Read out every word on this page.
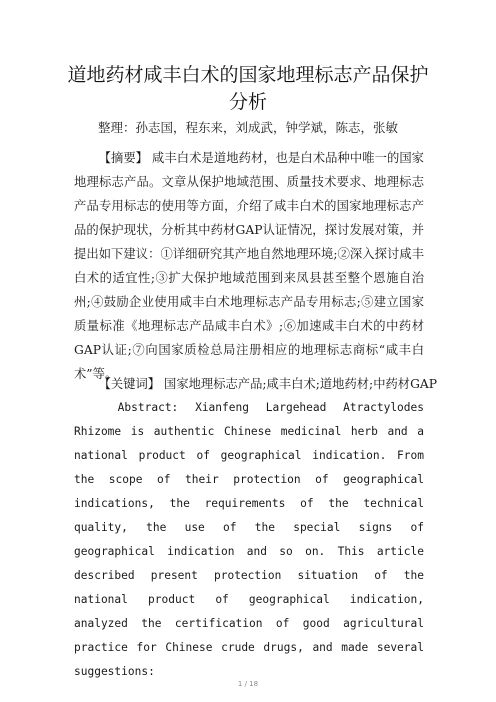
道地药材咸丰白术的国家地理标志产品保护
分析
整理：孙志国，程东来，刘成武，钟学斌，陈志，张敏

【摘要】 咸丰白术是道地药材，也是白术品种中唯一的国家地理标志产品。文章从保护地域范围、质量技术要求、地理标志产品专用标志的使用等方面，介绍了咸丰白术的国家地理标志产品的保护现状，分析其中药材GAP认证情况，探讨发展对策，并提出如下建议：①详细研究其产地自然地理环境;②深入探讨咸丰白术的适宜性;③扩大保护地域范围到来凤县甚至整个恩施自治州;④鼓励企业使用咸丰白术地理标志产品专用标志;⑤建立国家质量标准《地理标志产品咸丰白术》;⑥加速咸丰白术的中药材GAP认证;⑦向国家质检总局注册相应的地理标志商标“咸丰白术”等。

【关键词】 国家地理标志产品;咸丰白术;道地药材;中药材GAP

Abstract: Xianfeng Largehead Atractylodes Rhizome is authentic Chinese medicinal herb and a national product of geographical indication. From the scope of their protection of geographical indications, the requirements of the technical quality, the use of the special signs of geographical indication and so on. This article described present protection situation of the national product of geographical indication, analyzed the certification of good agricultural practice for Chinese crude drugs, and made several suggestions:

1 / 18
